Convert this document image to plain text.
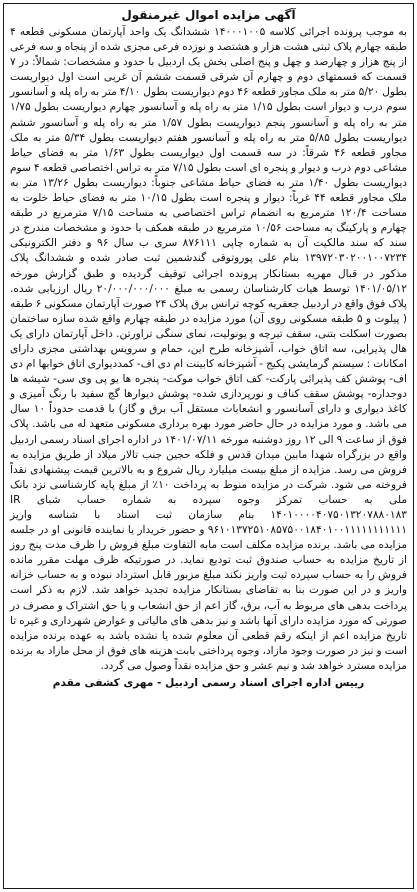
آگهی مزایده اموال غیرمنقول

به موجب پرونده اجرائی کلاسه ۱۴۰۰۰۱۰۰۵ ششدانگ یک واحد آپارتمان مسکونی قطعه ۴ طبقه چهارم پلاک ثبتی هشت هزار و هشتصد و نوزده فرعی مجزی شده از پنجاه و سه فرعی از پنج هزار و چهارصد و چهل و پنج اصلی بخش یک اردبیل با حدود و مشخصات: شمالاً: در ۷ قسمت که قسمتهای دوم و چهارم آن شرقی قسمت ششم آن غربی است اول دیواریست بطول ۵/۲۰ متر به ملک مجاور قطعه ۴۶ دوم دیواریست بطول ۴/۱۰ متر به راه پله و آسانسور سوم درب و دیوار است بطول ۱/۱۵ متر به راه پله و آسانسور چهارم دیواریست بطول ۱/۷۵ متر به راه پله و آسانسور پنجم دیواریست بطول ۱/۵۷ متر به راه پله و آسانسور ششم دیواریست بطول ۵/۸۵ متر به راه پله و آسانسور هفتم دیواریست بطول ۵/۳۴ متر به ملک مجاور قطعه ۴۶ شرقاً: در سه قسمت اول دیواریست بطول ۱/۶۳ متر به فضای حیاط مشاعی دوم درب و دیوار و پنجره ای است بطول ۷/۱۵ متر به تراس اختصاصی قطعه ۴ سوم دیواریست بطول ۱/۴۰ متر به فضای حیاط مشاعی جنوباً: دیواریست بطول ۱۳/۲۶ متر به ملک مجاور قطعه ۴۴ غرباً: دیوار و پنجره است بطول ۱۰/۱۵ متر به فضای حیاط خلوت به مساحت ۱۲۰/۴ مترمربع به انضمام تراس اختصاصی به مساحت ۷/۱۵ مترمربع در طبقه چهارم و پارکینگ به مساحت ۱۰/۵۶ مترمربع در طبقه همکف با حدود و مشخصات مندرج در سند که سند مالکیت آن به شماره چاپی ۸۷۶۱۱۱ سری ب سال ۹۶ و دفتر الکترونیکی ۱۳۹۷۲۰۳۰۲۰۰۱۰۰۷۲۳۴ بنام علی پوروتوقی گندشمین ثبت صادر شده و ششدانگ پلاک مذکور در قبال مهریه بستانکار پرونده اجرائی توقیف گردیده و طبق گزارش مورخه ۱۴۰۱/۰۵/۱۲ توسط هیات کارشناسان رسمی به مبلغ ۲۰/۰۰۰/۰۰۰/۰۰۰ ریال ارزیابی شده. پلاک فوق واقع در اردبیل جعفریه کوچه ترانس برق پلاک ۲۴ صورت آپارتمان مسکونی ۶ طبقه ( پیلوت و ۵ طبقه مسکونی روی آن) مورد مزایده در طبقه چهارم واقع شده سازه ساختمان بصورت اسکلت بتنی، سقف تیرچه و یونولیت، نمای سنگی تراورتن. داخل آپارتمان دارای یک هال پذیرایی، سه اتاق خواب، آشپزخانه طرح این، حمام و سرویس بهداشتی مجزی دارای امکانات : سیستم گرمایشی پکیج - آشپزخانه کابینت ام دی اف- کمددیواری اتاق خوابها ام دی اف- پوشش کف پذیرائی پارکت- کف اتاق خواب موکت- پنجره ها یو پی وی سی- شیشه ها دوجداره- پوشش سقف کناف و نورپردازی شده- پوشش دیوارها گچ سفید با رنگ آمیزی و کاغذ دیواری و دارای آسانسور و انشعابات مستقل آب برق و گاز) با قدمت حدوداً ۱۰ سال می باشد. و مورد مزایده در حال حاضر مورد بهره برداری مسکونی متعهد له می باشد. پلاک فوق از ساعت ۹ الی ۱۲ روز دوشنبه مورخه ۱۴۰۱/۰۷/۱۱ در اداره اجرای اسناد رسمی اردبیل واقع در بزرگراه شهدا مابین میدان قدس و فلکه حجین جنب تالار میلاد از طریق مزایده به فروش می رسد. مزایده از مبلغ بیست میلیارد ریال شروع و به بالاترین قیمت پیشنهادی نقداً فروخته می شود. شرکت در مزایده منوط به پرداخت ۱۰٪ از مبلغ پایه کارشناسی نزد بانک ملی به حساب تمرکز وجوه سپرده به شماره حساب شبای IR ۱۴۰۱۰۰۰۰۴۰۷۵۰۱۳۲۰۷۸۸۰۱۸۳ بنام سازمان ثبت اسناد با شناسه واریز ۹۶۱۰۱۳۷۲۵۱۰۸۵۷۵۰۰۱۸۴۰۱۰۰۱۱۱۱۱۱۱۱۱۱۱ و حضور خریدار یا نماینده قانونی او در جلسه مزایده می باشد. برنده مزایده مکلف است مابه التفاوت مبلغ فروش را ظرف مدت پنج روز از تاریخ مزایده به حساب صندوق ثبت تودیع نماید. در صورتیکه ظرف مهلت مقرر مانده فروش را به حساب سپرده ثبت واریز نکند مبلغ مزبور قابل استرداد نبوده و به حساب خزانه واریز و در این صورت بنا به تقاضای بستانکار مزایده تجدید خواهد شد. لازم به ذکر است پرداخت بدهی های مربوط به آب، برق، گاز اعم از حق انشعاب و یا حق اشتراک و مصرف در صورتی که مورد مزایده دارای آنها باشد و نیز بدهی های مالیاتی و عوارض شهرداری و غیره تا تاریخ مزایده اعم از اینکه رقم قطعی آن معلوم شده یا نشده باشد به عهده برنده مزایده است و نیز در صورت وجود مازاد، وجوه پرداختی بابت هزینه های فوق از محل مازاد به برنده مزایده مسترد خواهد شد و نیم عشر و حق مزایده نقداً وصول می گردد.

رییس اداره اجرای اسناد رسمی اردبیل - مهری کشفی مقدم
